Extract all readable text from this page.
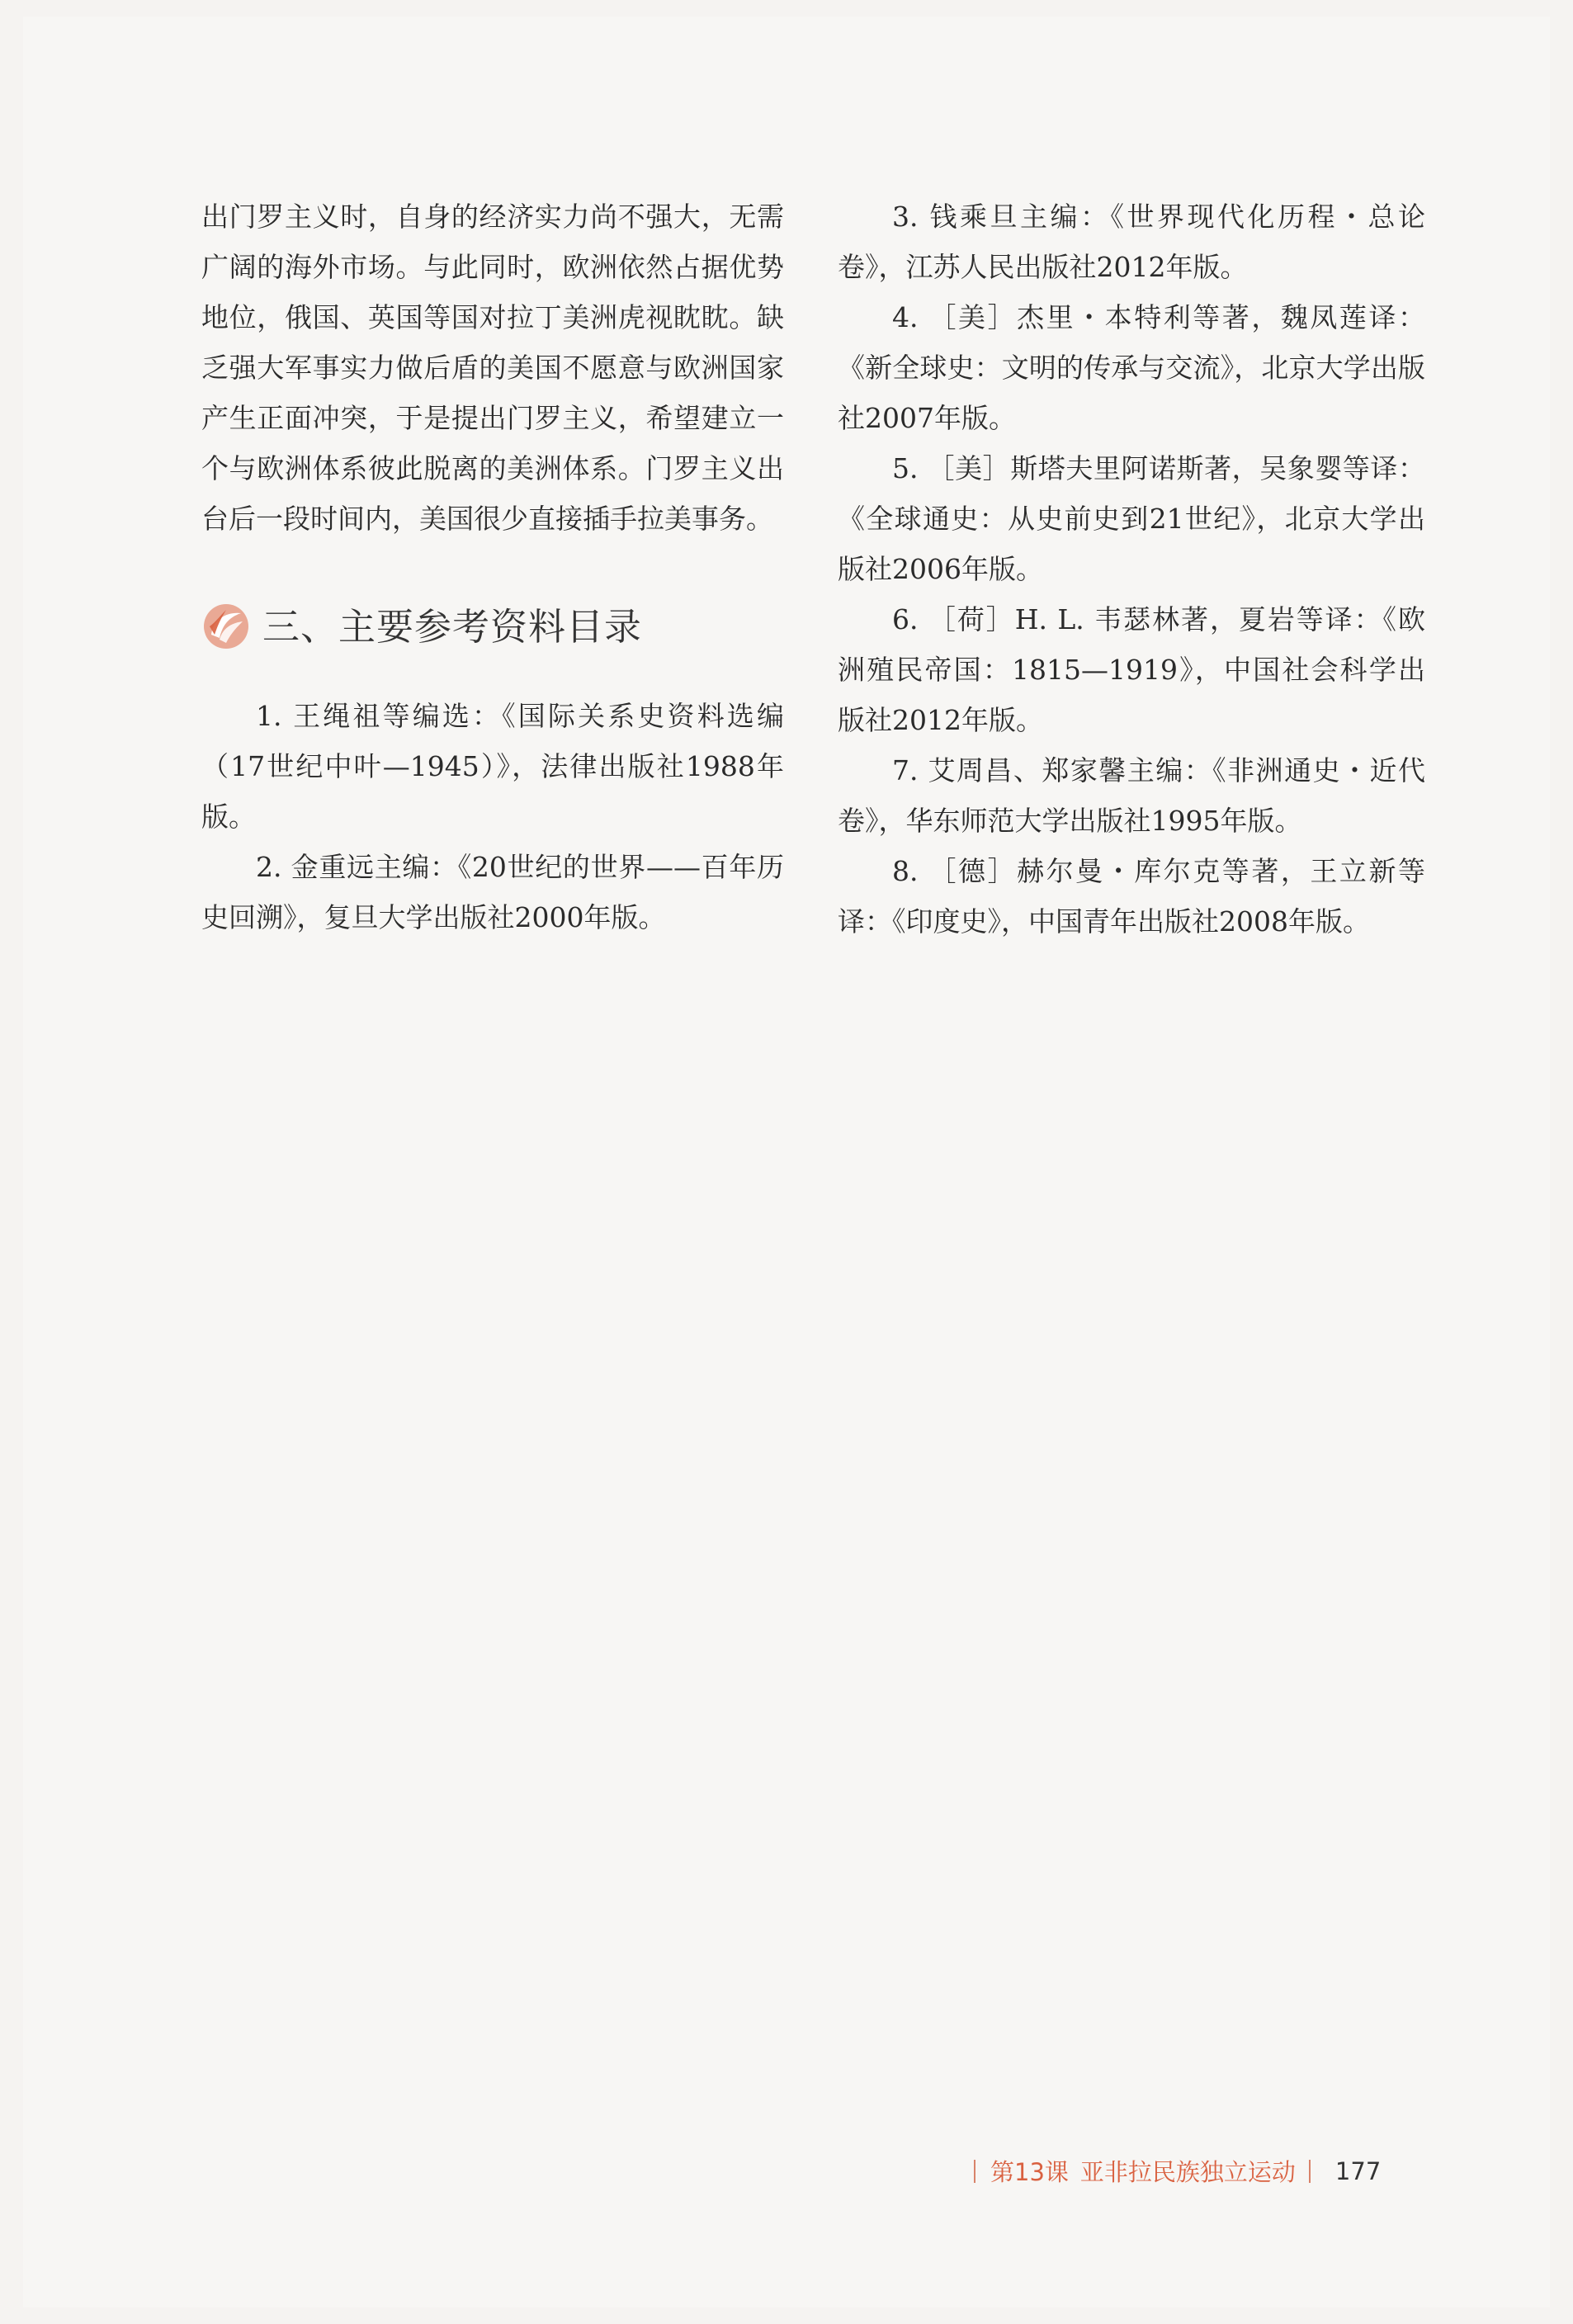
出门罗主义时，自身的经济实力尚不强大，无需广阔的海外市场。与此同时，欧洲依然占据优势地位，俄国、英国等国对拉丁美洲虎视眈眈。缺乏强大军事实力做后盾的美国不愿意与欧洲国家产生正面冲突，于是提出门罗主义，希望建立一个与欧洲体系彼此脱离的美洲体系。门罗主义出台后一段时间内，美国很少直接插手拉美事务。

三、主要参考资料目录

1. 王绳祖等编选：《国际关系史资料选编（17世纪中叶—1945）》，法律出版社1988年版。

2. 金重远主编：《20世纪的世界——百年历史回溯》，复旦大学出版社2000年版。

3. 钱乘旦主编：《世界现代化历程・总论卷》，江苏人民出版社2012年版。

4. ［美］杰里・本特利等著，魏凤莲译：《新全球史：文明的传承与交流》，北京大学出版社2007年版。

5. ［美］斯塔夫里阿诺斯著，吴象婴等译：《全球通史：从史前史到21世纪》，北京大学出版社2006年版。

6. ［荷］H. L. 韦瑟林著，夏岩等译：《欧洲殖民帝国：1815—1919》，中国社会科学出版社2012年版。

7. 艾周昌、郑家馨主编：《非洲通史・近代卷》，华东师范大学出版社1995年版。

8. ［德］赫尔曼・库尔克等著，王立新等译：《印度史》，中国青年出版社2008年版。

第13课 亚非拉民族独立运动 177
